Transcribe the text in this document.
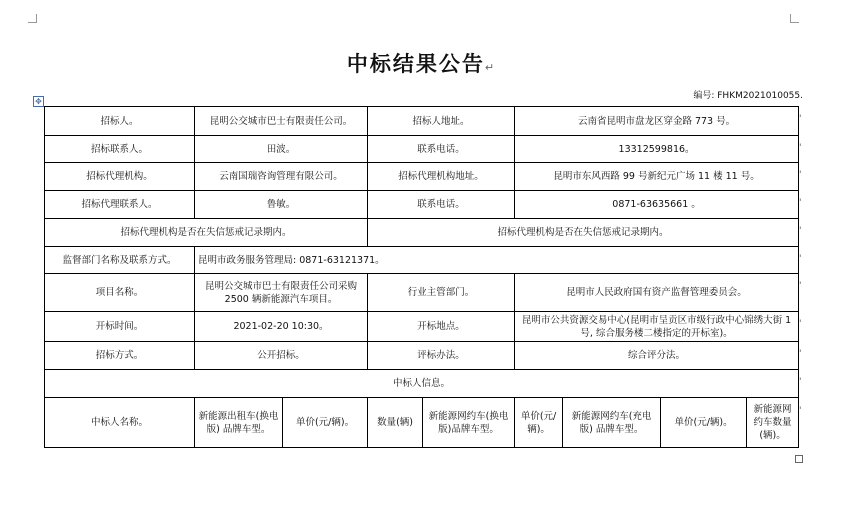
中标结果公告↵
编号: FHKM2021010055.
✥
招标人。	昆明公交城市巴士有限责任公司。		招标人地址。		云南省昆明市盘龙区穿金路 773 号。			
招标联系人。	田波。		联系电话。		13312599816。			
招标代理机构。	云南国瑞咨询管理有限公司。		招标代理机构地址。		昆明市东风西路 99 号新纪元广场 11 楼 11 号。			
招标代理联系人。	鲁敏。		联系电话。		0871-63635661 。			
招标代理机构是否在失信惩戒记录期内。			招标代理机构是否在失信惩戒记录期内。					
监督部门名称及联系方式。	昆明市政务服务管理局: 0871-63121371。							
项目名称。	昆明公交城市巴士有限责任公司采购 2500 辆新能源汽车项目。		行业主管部门。		昆明市人民政府国有资产监督管理委员会。			
开标时间。	2021-02-20 10:30。		开标地点。		昆明市公共资源交易中心(昆明市呈贡区市级行政中心锦绣大街 1 号, 综合服务楼二楼指定的开标室)。			
招标方式。	公开招标。		评标办法。		综合评分法。			
中标人信息。								
中标人名称。	新能源出租车(换电版) 品牌车型。	单价(元/辆)。	数量(辆)	新能源网约车(换电版)品牌车型。	单价(元/辆)。	新能源网约车(充电版) 品牌车型。	单价(元/辆)。	新能源网约车数量(辆)。
'
'
'
'
'
'
'
'
'
'
'
